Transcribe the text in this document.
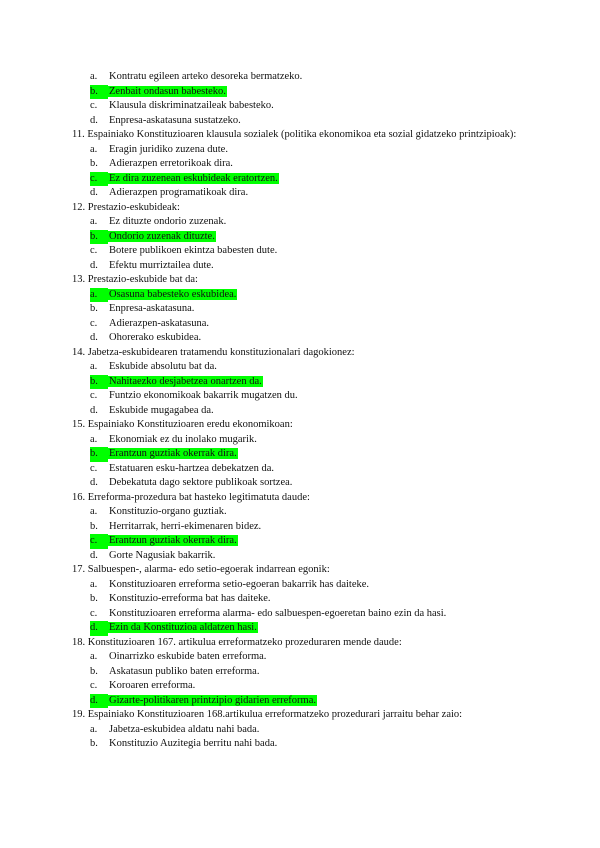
a. Kontratu egileen arteko desoreka bermatzeko.
b. Zenbait ondasun babesteko.
c. Klausula diskriminatzaileak babesteko.
d. Enpresa-askatasuna sustatzeko.
11. Espainiako Konstituzioaren klausula sozialek (politika ekonomikoa eta sozial gidatzeko printzipioak):
a. Eragin juridiko zuzena dute.
b. Adierazpen erretorikoak dira.
c. Ez dira zuzenean eskubideak eratortzen.
d. Adierazpen programatikoak dira.
12. Prestazio-eskubideak:
a. Ez dituzte ondorio zuzenak.
b. Ondorio zuzenak dituzte.
c. Botere publikoen ekintza babesten dute.
d. Efektu murriztailea dute.
13. Prestazio-eskubide bat da:
a. Osasuna babesteko eskubidea.
b. Enpresa-askatasuna.
c. Adierazpen-askatasuna.
d. Ohorerako eskubidea.
14. Jabetza-eskubidearen tratamendu konstituzionalari dagokionez:
a. Eskubide absolutu bat da.
b. Nahitaezko desjabetzea onartzen da.
c. Funtzio ekonomikoak bakarrik mugatzen du.
d. Eskubide mugagabea da.
15. Espainiako Konstituzioaren eredu ekonomikoan:
a. Ekonomiak ez du inolako mugarik.
b. Erantzun guztiak okerrak dira.
c. Estatuaren esku-hartzea debekatzen da.
d. Debekatuta dago sektore publikoak sortzea.
16. Erreforma-prozedura bat hasteko legitimatuta daude:
a. Konstituzio-organo guztiak.
b. Herritarrak, herri-ekimenaren bidez.
c. Erantzun guztiak okerrak dira.
d. Gorte Nagusiak bakarrik.
17. Salbuespen-, alarma- edo setio-egoerak indarrean egonik:
a. Konstituzioaren erreforma setio-egoeran bakarrik has daiteke.
b. Konstituzio-erreforma bat has daiteke.
c. Konstituzioaren erreforma alarma- edo salbuespen-egoeretan baino ezin da hasi.
d. Ezin da Konstituzioa aldatzen hasi.
18. Konstituzioaren 167. artikulua erreformatzeko prozeduraren mende daude:
a. Oinarrizko eskubide baten erreforma.
b. Askatasun publiko baten erreforma.
c. Koroaren erreforma.
d. Gizarte-politikaren printzipio gidarien erreforma.
19. Espainiako Konstituzioaren 168.artikulua erreformatzeko prozedurari jarraitu behar zaio:
a. Jabetza-eskubidea aldatu nahi bada.
b. Konstituzio Auzitegia berritu nahi bada.
